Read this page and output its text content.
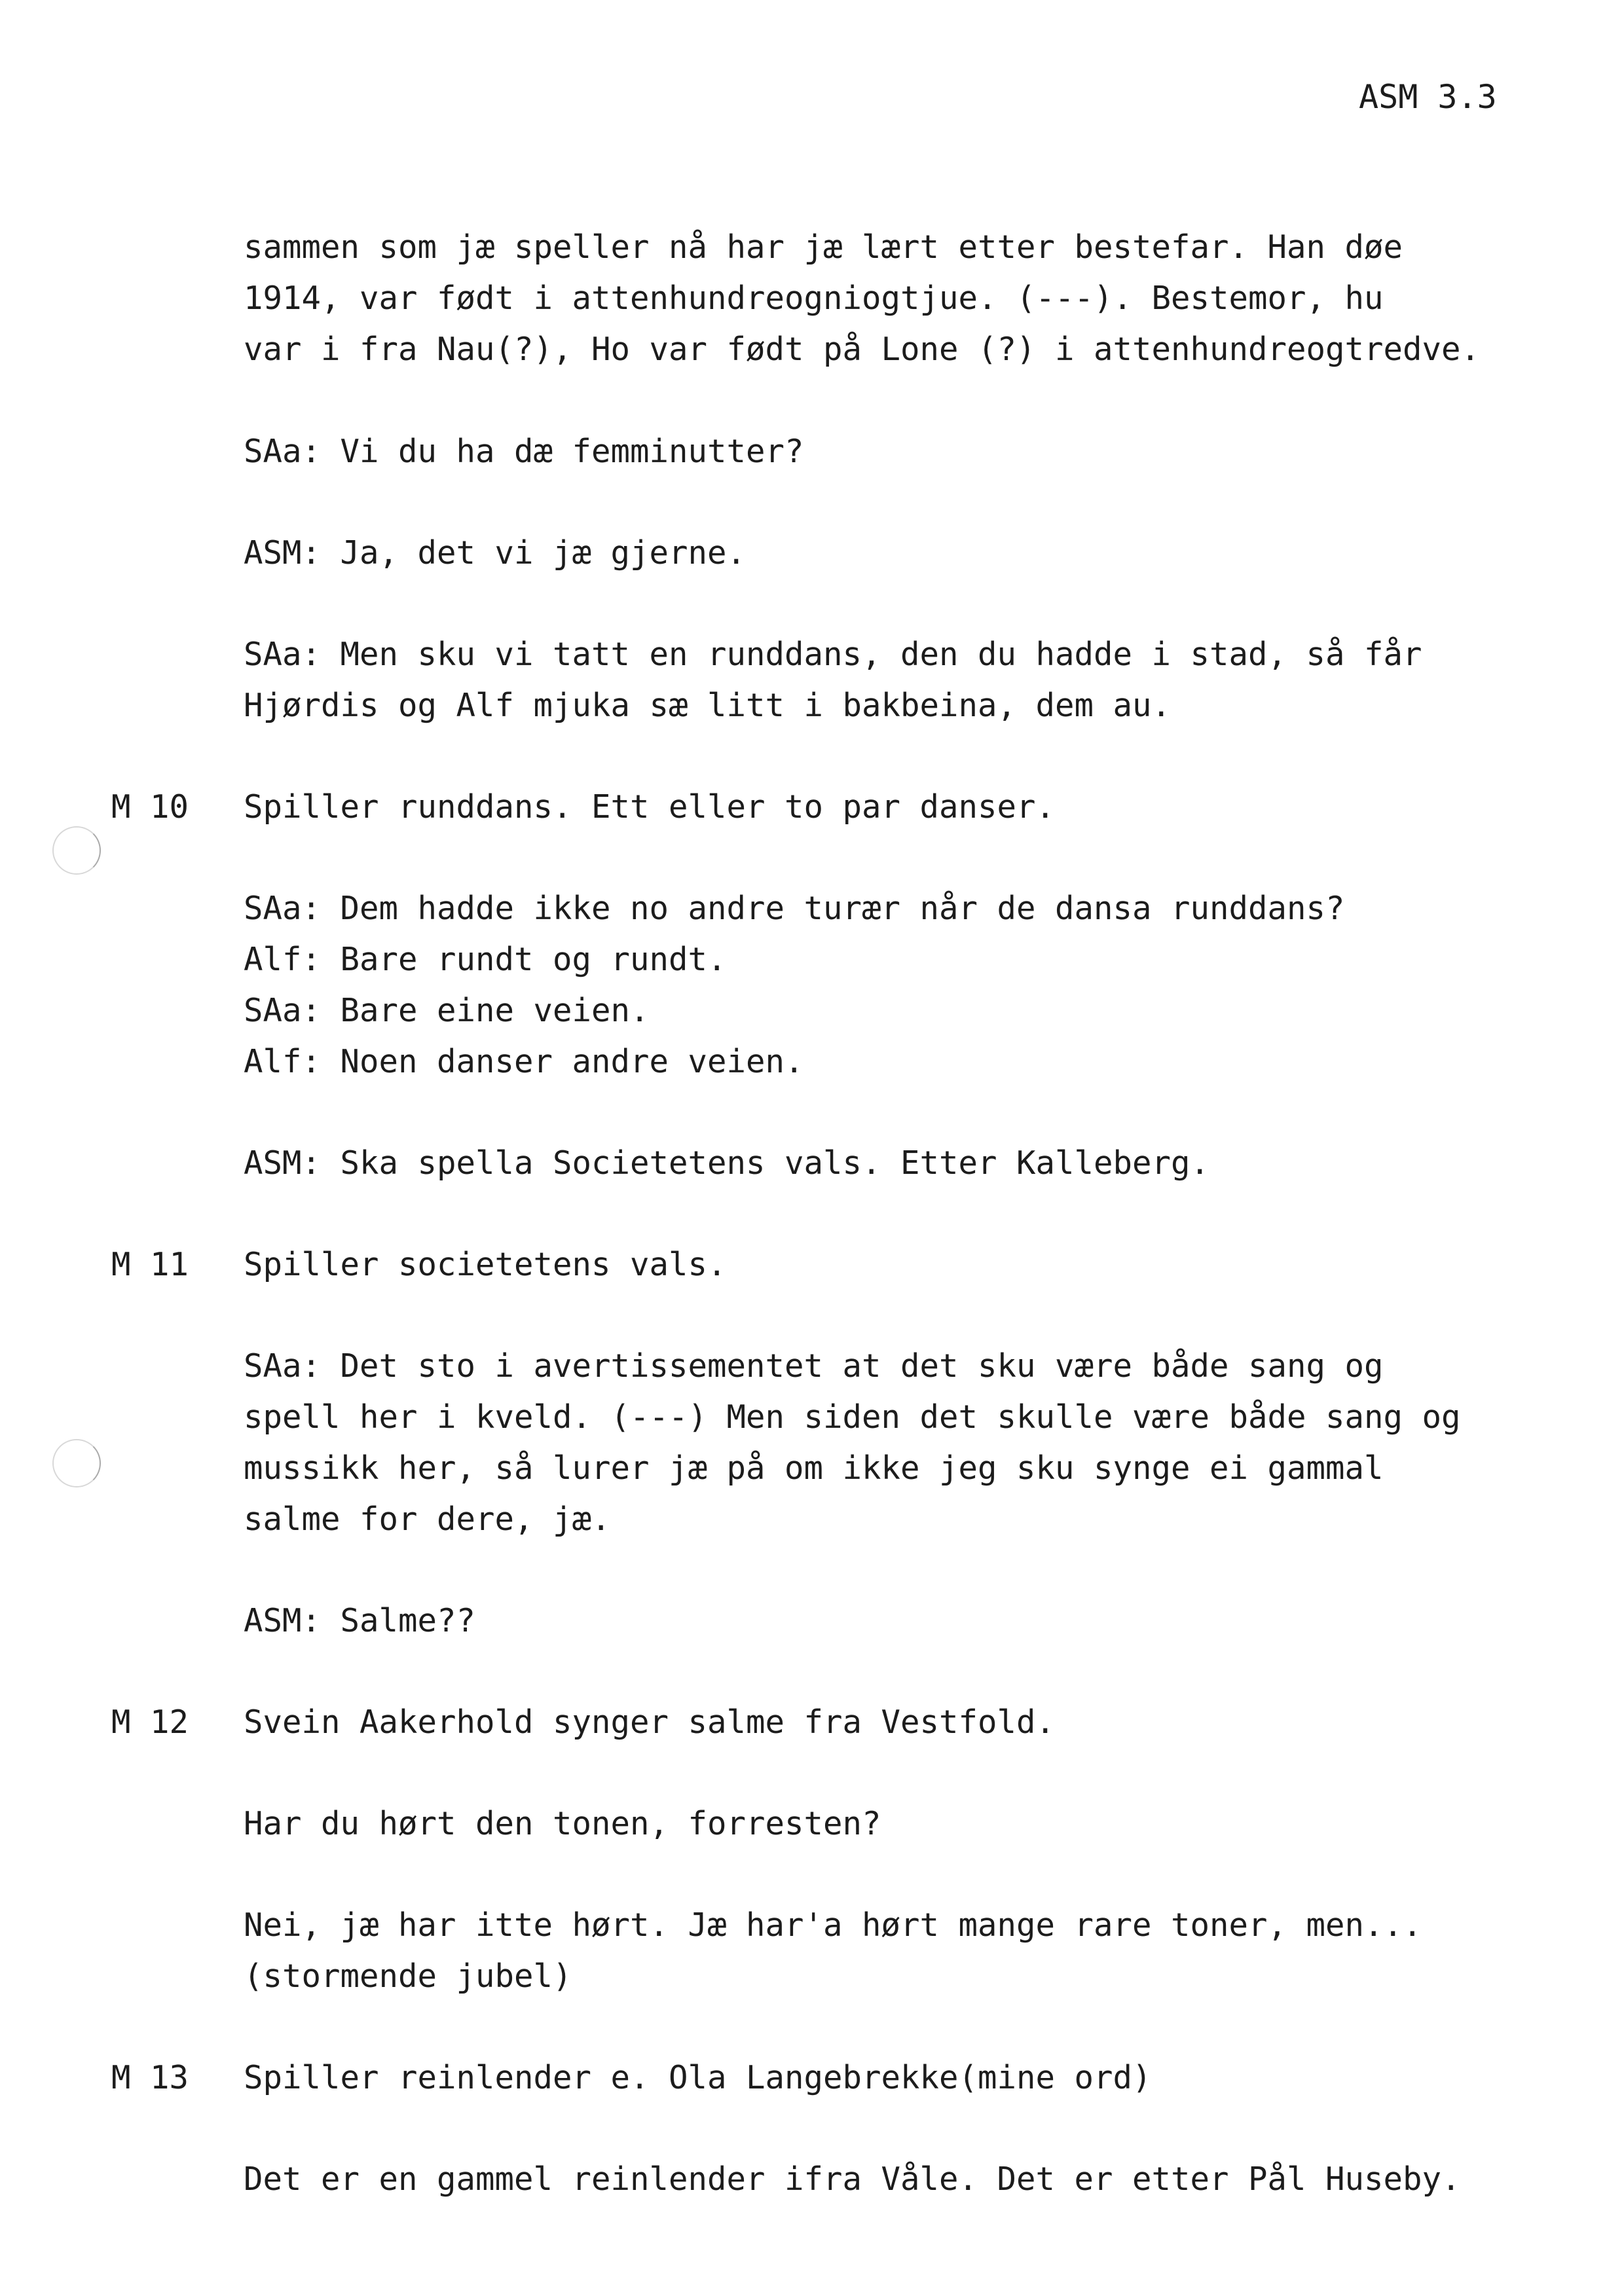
ASM 3.3
sammen som jæ speller nå har jæ lært etter bestefar. Han døe
1914, var født i attenhundreogniogtjue. (---). Bestemor, hu
var i fra Nau(?), Ho var født på Lone (?) i attenhundreogtredve.
SAa: Vi du ha dæ femminutter?
ASM: Ja, det vi jæ gjerne.
SAa: Men sku vi tatt en runddans, den du hadde i stad, så får
Hjørdis og Alf mjuka sæ litt i bakbeina, dem au.
M 10 Spiller runddans. Ett eller to par danser.
SAa: Dem hadde ikke no andre turær når de dansa runddans?
Alf: Bare rundt og rundt.
SAa: Bare eine veien.
Alf: Noen danser andre veien.
ASM: Ska spella Societetens vals. Etter Kalleberg.
M 11 Spiller societetens vals.
SAa: Det sto i avertissementet at det sku være både sang og
spell her i kveld. (---) Men siden det skulle være både sang og
mussikk her, så lurer jæ på om ikke jeg sku synge ei gammal
salme for dere, jæ.
ASM: Salme??
M 12 Svein Aakerhold synger salme fra Vestfold.
Har du hørt den tonen, forresten?
Nei, jæ har itte hørt. Jæ har'a hørt mange rare toner, men...
(stormende jubel)
M 13 Spiller reinlender e. Ola Langebrekke(mine ord)
Det er en gammel reinlender ifra Våle. Det er etter Pål Huseby.
